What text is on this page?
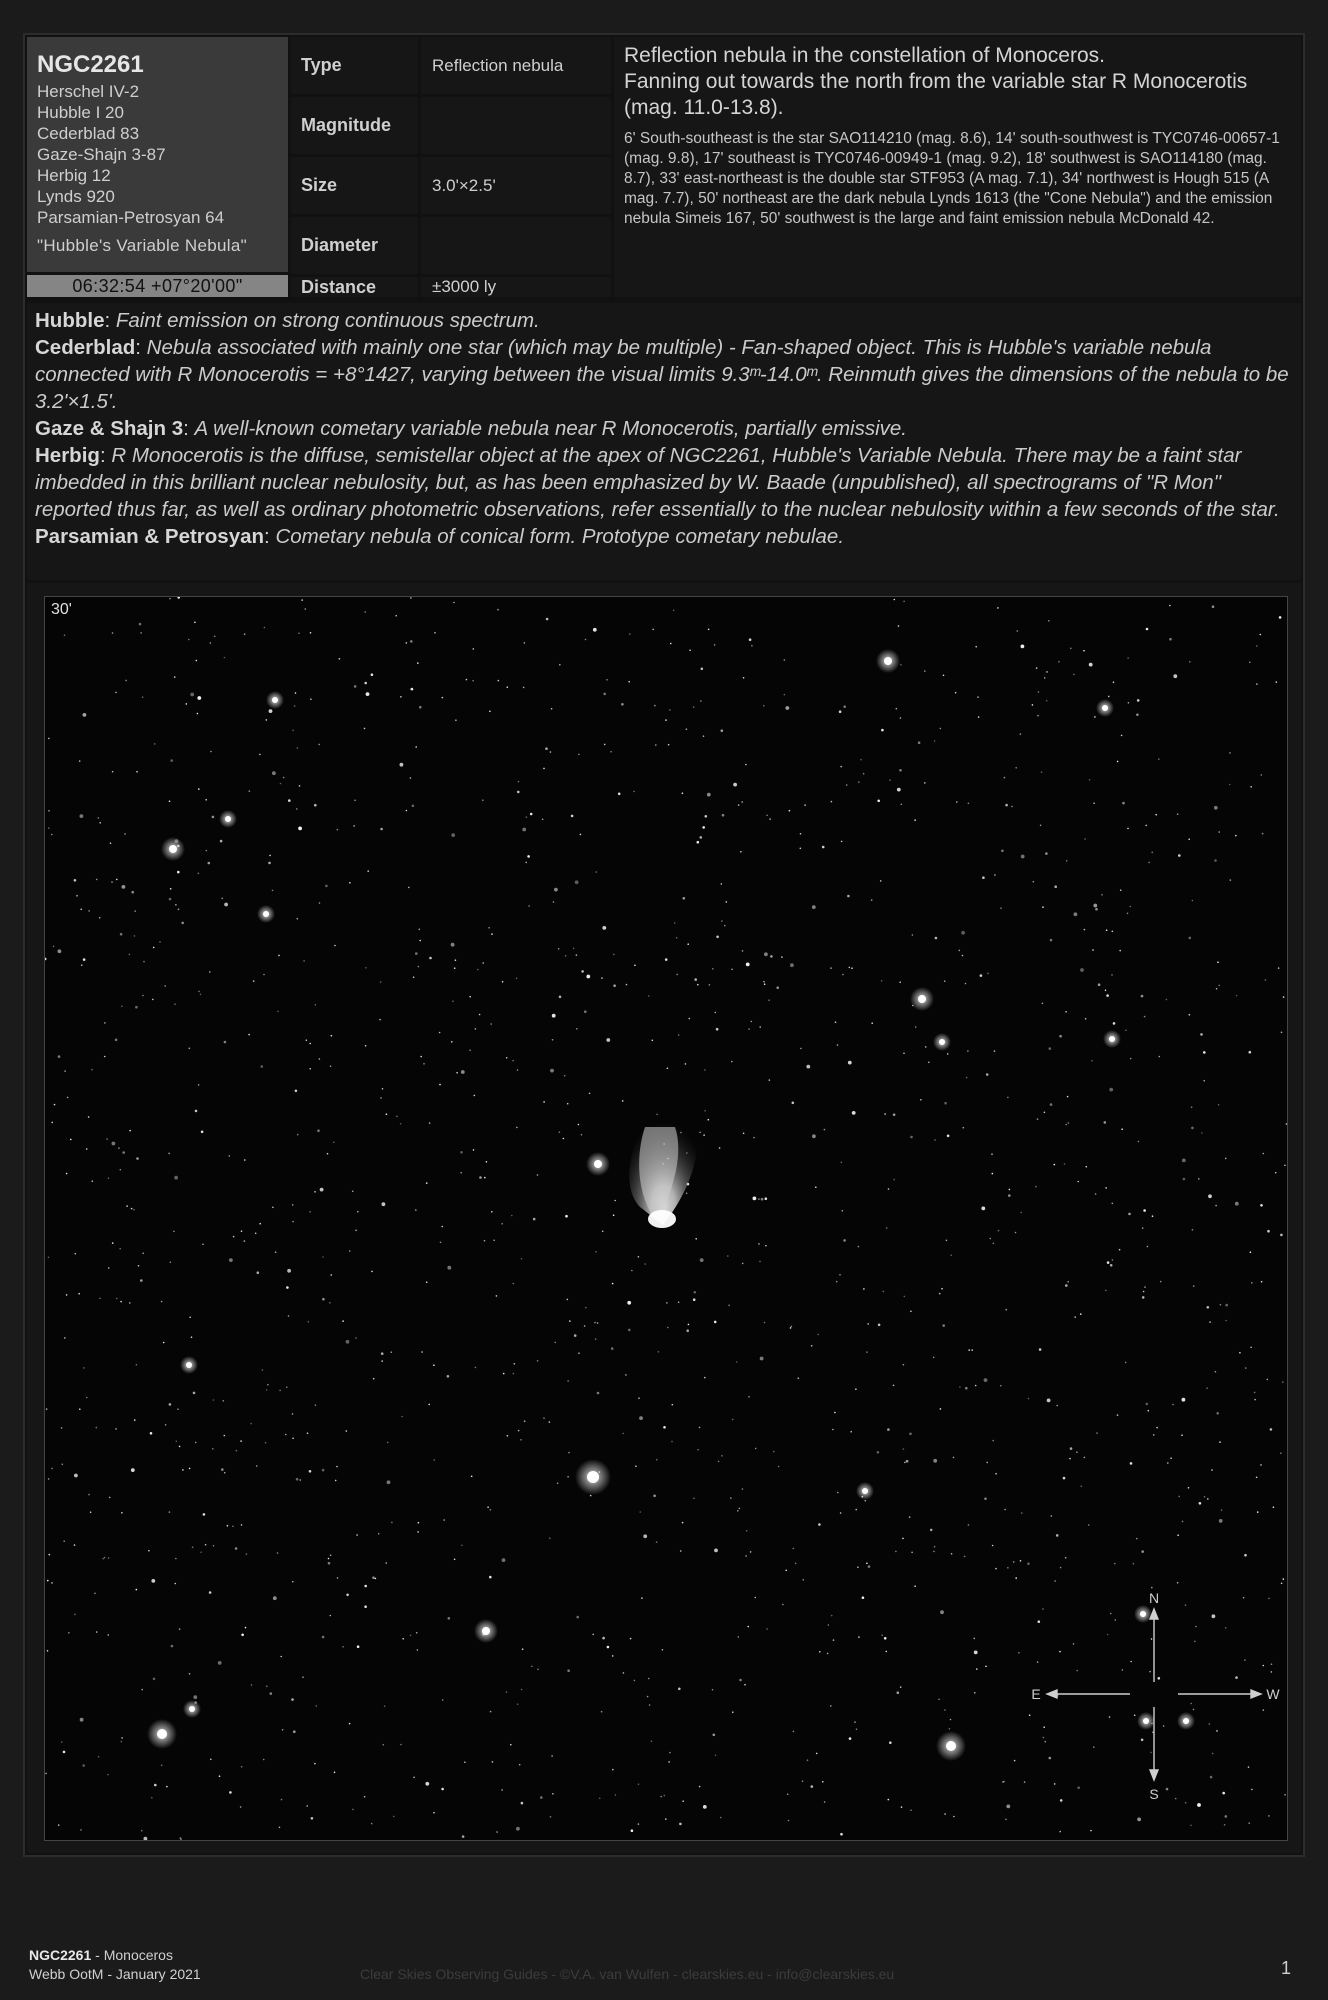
NGC2261
Herschel IV-2
Hubble I 20
Cederblad 83
Gaze-Shajn 3-87
Herbig 12
Lynds 920
Parsamian-Petrosyan 64
"Hubble's Variable Nebula"
06:32:54 +07°20'00"
Type	Reflection nebula
Magnitude
Size	3.0'×2.5'
Diameter
Distance	±3000 ly
Reflection nebula in the constellation of Monoceros.
Fanning out towards the north from the variable star R Monocerotis (mag. 11.0-13.8).
6' South-southeast is the star SAO114210 (mag. 8.6), 14' south-southwest is TYC0746-00657-1 (mag. 9.8), 17' southeast is TYC0746-00949-1 (mag. 9.2), 18' southwest is SAO114180 (mag. 8.7), 33' east-northeast is the double star STF953 (A mag. 7.1), 34' northwest is Hough 515 (A mag. 7.7), 50' northeast are the dark nebula Lynds 1613 (the "Cone Nebula") and the emission nebula Simeis 167, 50' southwest is the large and faint emission nebula McDonald 42.
Hubble: Faint emission on strong continuous spectrum.
Cederblad: Nebula associated with mainly one star (which may be multiple) - Fan-shaped object. This is Hubble's variable nebula connected with R Monocerotis = +8°1427, varying between the visual limits 9.3ᵐ-14.0ᵐ. Reinmuth gives the dimensions of the nebula to be 3.2'×1.5'.
Gaze & Shajn 3: A well-known cometary variable nebula near R Monocerotis, partially emissive.
Herbig: R Monocerotis is the diffuse, semistellar object at the apex of NGC2261, Hubble's Variable Nebula. There may be a faint star imbedded in this brilliant nuclear nebulosity, but, as has been emphasized by W. Baade (unpublished), all spectrograms of "R Mon" reported thus far, as well as ordinary photometric observations, refer essentially to the nuclear nebulosity within a few seconds of the star.
Parsamian & Petrosyan: Cometary nebula of conical form. Prototype cometary nebulae.
N
S
E	W
30'
NGC2261 - Monoceros
Webb OotM - January 2021	Clear Skies Observing Guides - ©V.A. van Wulfen - clearskies.eu - info@clearskies.eu	1
